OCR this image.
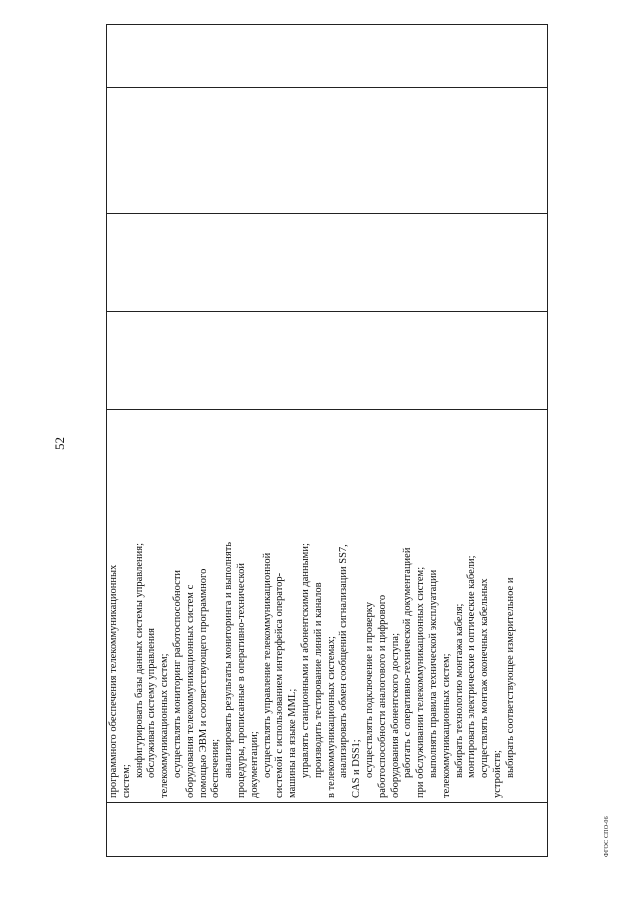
52

программного обеспечения телекоммуникационных систем;
конфигурировать базы данных системы управления; обслуживать систему управления телекоммуникационных систем; осуществлять мониторинг работоспособности оборудования телекоммуникационных систем с помощью ЭВМ и соответствующего программного обеспечения; анализировать результаты мониторинга и выполнять процедуры, прописанные в оперативно-технической документации; осуществлять управление телекоммуникационной системой с использованием интерфейса оператор- машины на языке MML; управлять станционными и абонентскими данными; производить тестирование линий и каналов в телекоммуникационных системах; анализировать обмен сообщений сигнализации SS7, CAS и DSS1; осуществлять подключение и проверку работоспособности аналогового и цифрового оборудования абонентского доступа; работать с оперативно-технической документацией при обслуживании телекоммуникационных систем; выполнять правила технической эксплуатации телекоммуникационных систем; выбирать технологию монтажа кабеля; монтировать электрические и оптические кабели; осуществлять монтаж оконечных кабельных устройств; выбирать соответствующее измерительное и

ФГОС СПО-06
